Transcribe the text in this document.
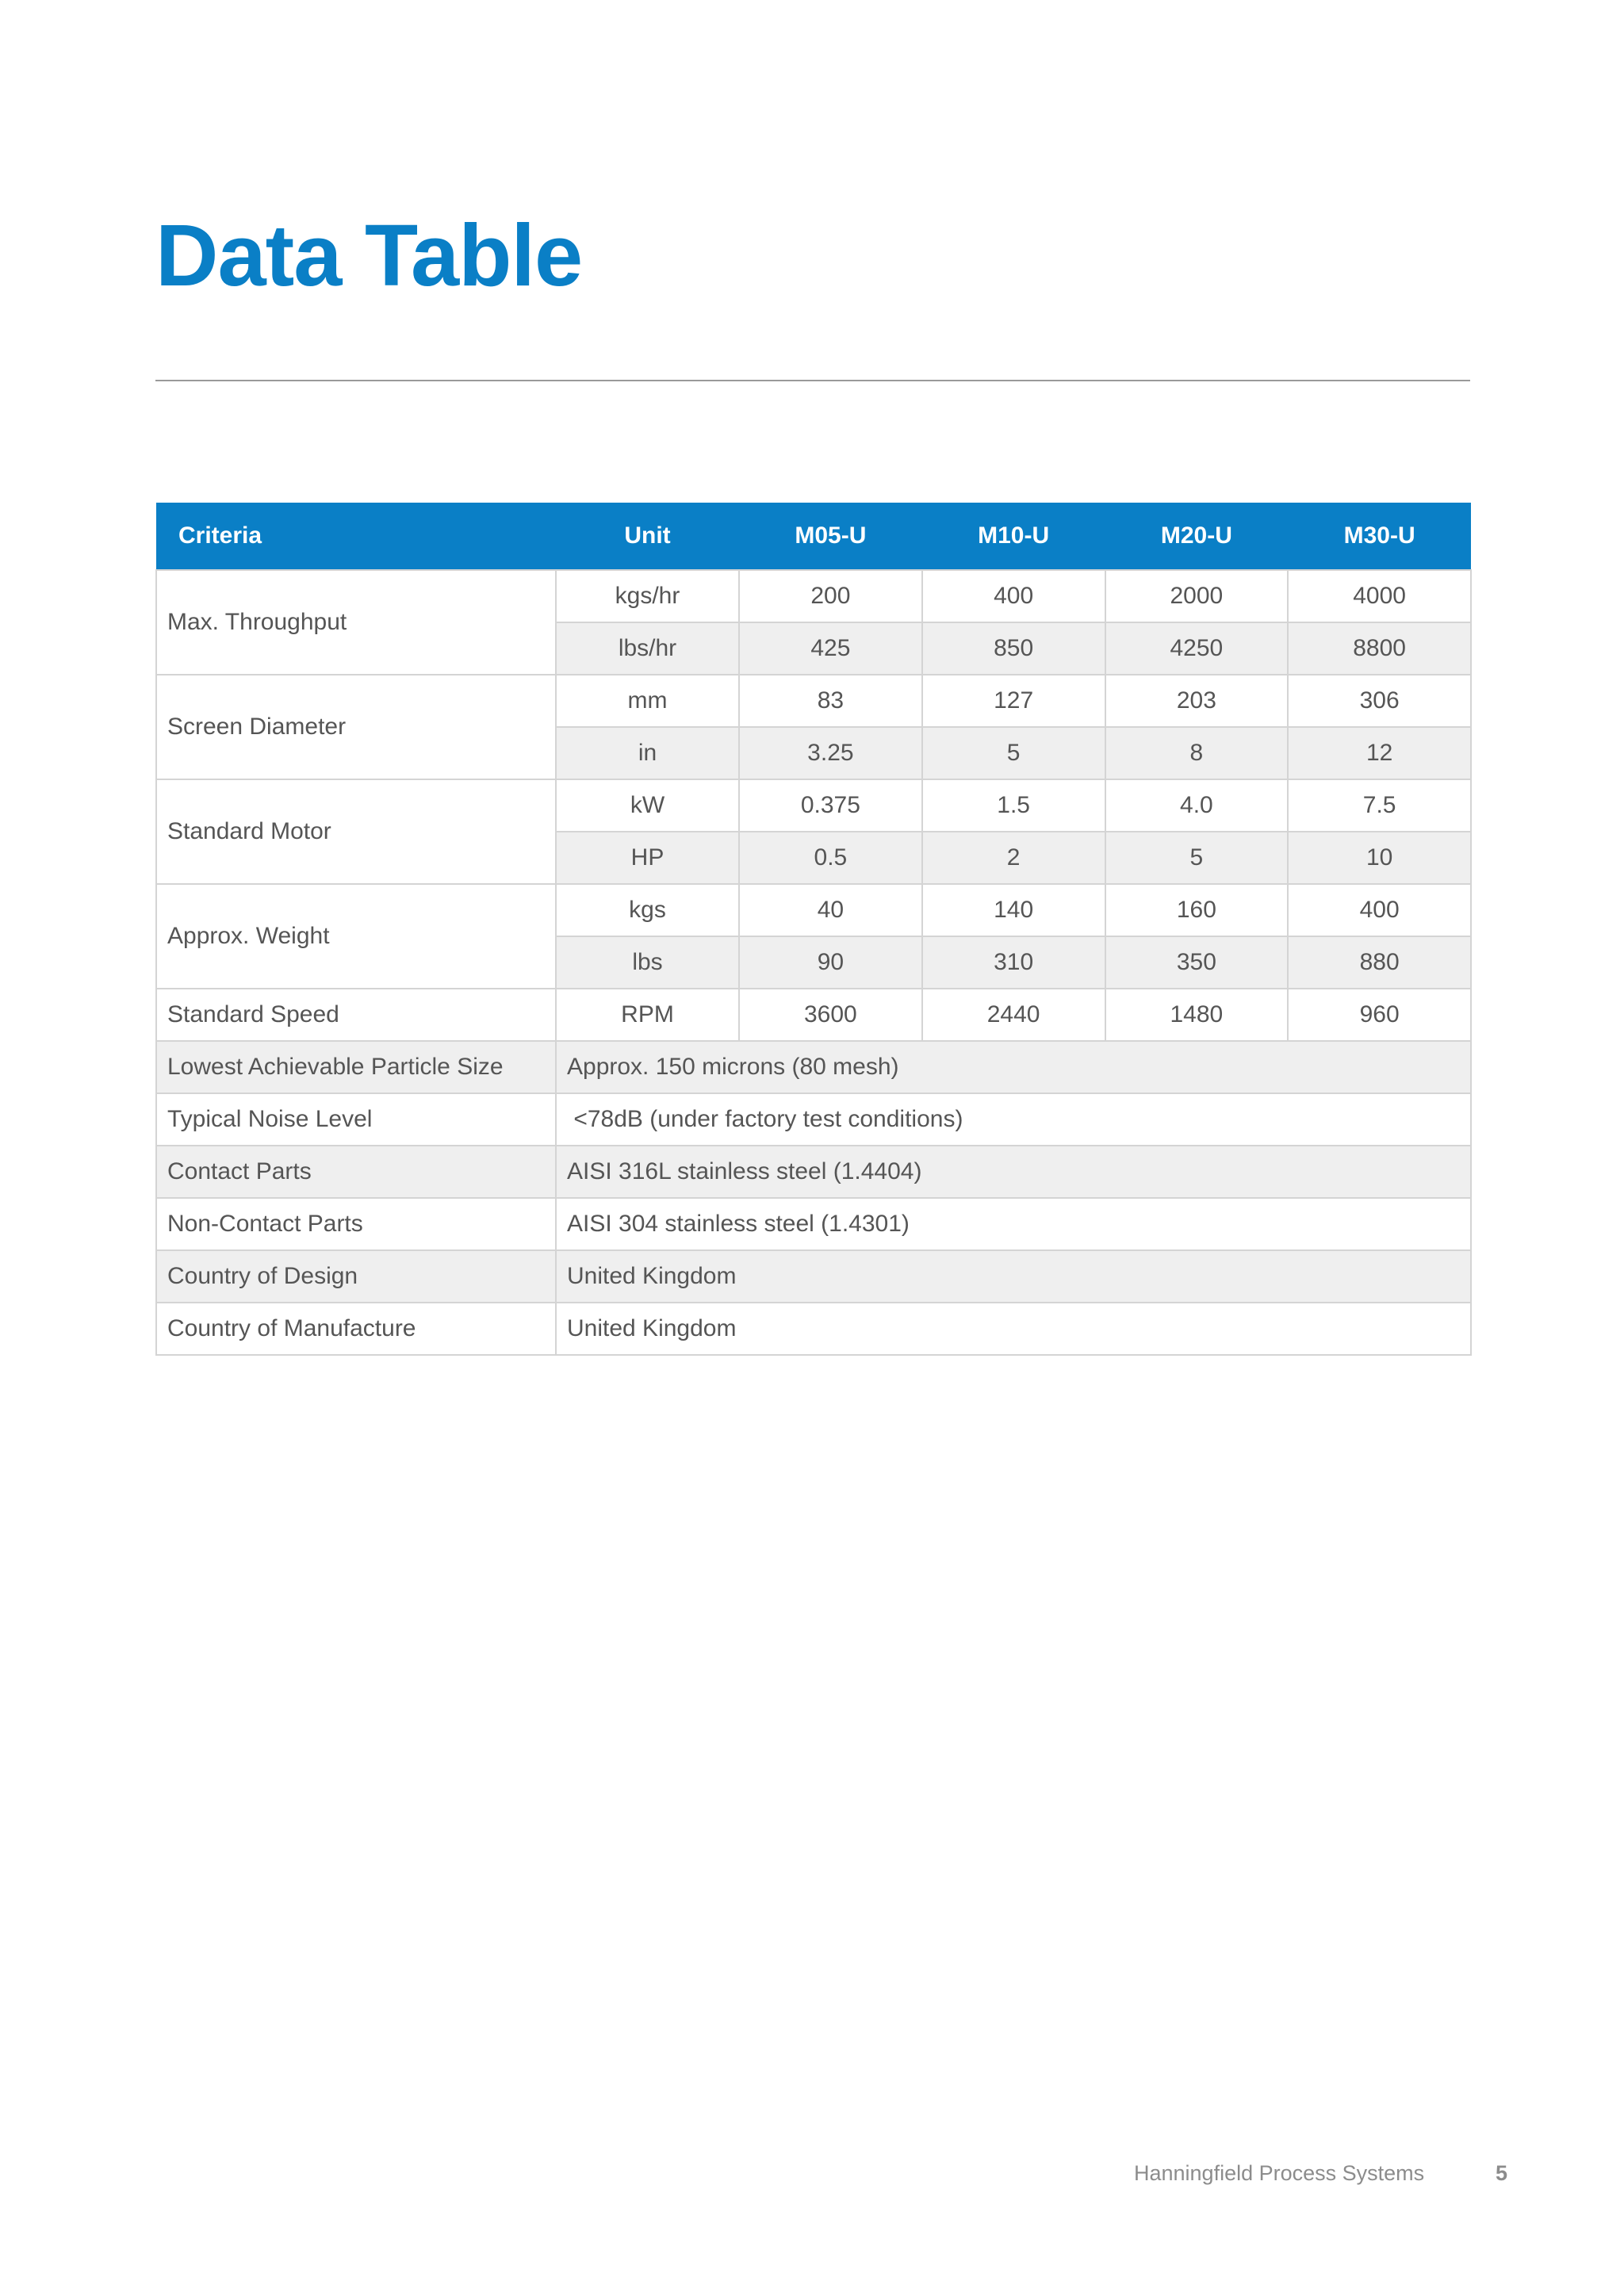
Data Table
Criteria	Unit	M05-U	M10-U	M20-U	M30-U
Max. Throughput	kgs/hr	200	400	2000	4000
	lbs/hr	425	850	4250	8800
Screen Diameter	mm	83	127	203	306
	in	3.25	5	8	12
Standard Motor	kW	0.375	1.5	4.0	7.5
	HP	0.5	2	5	10
Approx. Weight	kgs	40	140	160	400
	lbs	90	310	350	880
Standard Speed	RPM	3600	2440	1480	960
Lowest Achievable Particle Size	Approx. 150 microns (80 mesh)				
Typical Noise Level	<78dB (under factory test conditions)				
Contact Parts	AISI 316L stainless steel (1.4404)				
Non-Contact Parts	AISI 304 stainless steel (1.4301)				
Country of Design	United Kingdom				
Country of Manufacture	United Kingdom				
Hanningfield Process Systems	5
